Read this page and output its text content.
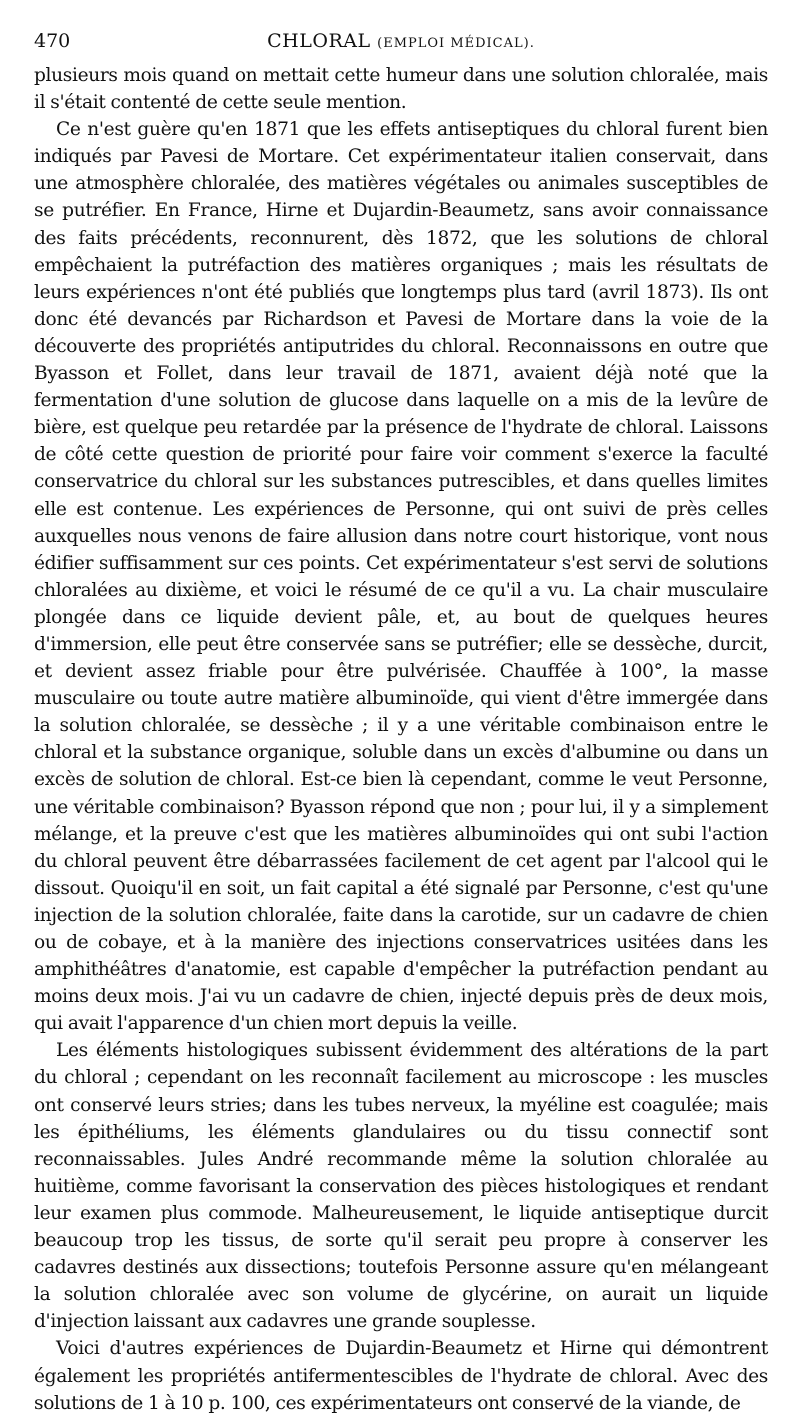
470	CHLORAL (EMPLOI MÉDICAL).

plusieurs mois quand on mettait cette humeur dans une solution chloralée, mais il s'était contenté de cette seule mention.

Ce n'est guère qu'en 1871 que les effets antiseptiques du chloral furent bien indiqués par Pavesi de Mortare. Cet expérimentateur italien conservait, dans une atmosphère chloralée, des matières végétales ou animales susceptibles de se putréfier. En France, Hirne et Dujardin-Beaumetz, sans avoir connaissance des faits précédents, reconnurent, dès 1872, que les solutions de chloral empêchaient la putréfaction des matières organiques ; mais les résultats de leurs expériences n'ont été publiés que longtemps plus tard (avril 1873). Ils ont donc été devancés par Richardson et Pavesi de Mortare dans la voie de la découverte des propriétés antiputrides du chloral. Reconnaissons en outre que Byasson et Follet, dans leur travail de 1871, avaient déjà noté que la fermentation d'une solution de glucose dans laquelle on a mis de la levûre de bière, est quelque peu retardée par la présence de l'hydrate de chloral. Laissons de côté cette question de priorité pour faire voir comment s'exerce la faculté conservatrice du chloral sur les substances putrescibles, et dans quelles limites elle est contenue. Les expériences de Personne, qui ont suivi de près celles auxquelles nous venons de faire allusion dans notre court historique, vont nous édifier suffisamment sur ces points. Cet expérimentateur s'est servi de solutions chloralées au dixième, et voici le résumé de ce qu'il a vu. La chair musculaire plongée dans ce liquide devient pâle, et, au bout de quelques heures d'immersion, elle peut être conservée sans se putréfier; elle se dessèche, durcit, et devient assez friable pour être pulvérisée. Chauffée à 100°, la masse musculaire ou toute autre matière albuminoïde, qui vient d'être immergée dans la solution chloralée, se dessèche ; il y a une véritable combinaison entre le chloral et la substance organique, soluble dans un excès d'albumine ou dans un excès de solution de chloral. Est-ce bien là cependant, comme le veut Personne, une véritable combinaison? Byasson répond que non ; pour lui, il y a simplement mélange, et la preuve c'est que les matières albuminoïdes qui ont subi l'action du chloral peuvent être débarrassées facilement de cet agent par l'alcool qui le dissout. Quoiqu'il en soit, un fait capital a été signalé par Personne, c'est qu'une injection de la solution chloralée, faite dans la carotide, sur un cadavre de chien ou de cobaye, et à la manière des injections conservatrices usitées dans les amphithéâtres d'anatomie, est capable d'empêcher la putréfaction pendant au moins deux mois. J'ai vu un cadavre de chien, injecté depuis près de deux mois, qui avait l'apparence d'un chien mort depuis la veille.

Les éléments histologiques subissent évidemment des altérations de la part du chloral ; cependant on les reconnaît facilement au microscope : les muscles ont conservé leurs stries; dans les tubes nerveux, la myéline est coagulée; mais les épithéliums, les éléments glandulaires ou du tissu connectif sont reconnaissables. Jules André recommande même la solution chloralée au huitième, comme favorisant la conservation des pièces histologiques et rendant leur examen plus commode. Malheureusement, le liquide antiseptique durcit beaucoup trop les tissus, de sorte qu'il serait peu propre à conserver les cadavres destinés aux dissections; toutefois Personne assure qu'en mélangeant la solution chloralée avec son volume de glycérine, on aurait un liquide d'injection laissant aux cadavres une grande souplesse.

Voici d'autres expériences de Dujardin-Beaumetz et Hirne qui démontrent également les propriétés antifermentescibles de l'hydrate de chloral. Avec des solutions de 1 à 10 p. 100, ces expérimentateurs ont conservé de la viande, de
